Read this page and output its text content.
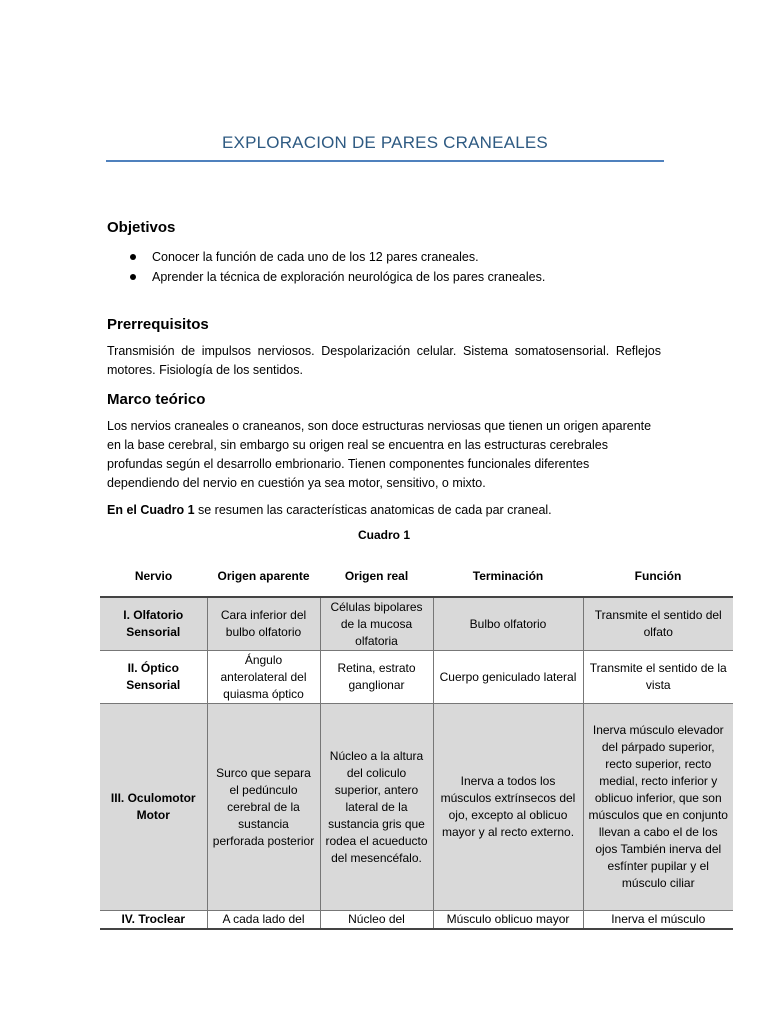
EXPLORACION DE PARES CRANEALES
Objetivos
Conocer la función de cada uno de los 12 pares craneales.
Aprender la técnica de exploración neurológica de los pares craneales.
Prerrequisitos

Transmisión de impulsos nerviosos. Despolarización celular. Sistema somatosensorial. Reflejos motores. Fisiología de los sentidos.

Marco teórico

Los nervios craneales o craneanos, son doce estructuras nerviosas que tienen un origen aparente en la base cerebral, sin embargo su origen real se encuentra en las estructuras cerebrales profundas según el desarrollo embrionario. Tienen componentes funcionales diferentes dependiendo del nervio en cuestión ya sea motor, sensitivo, o mixto.

En el Cuadro 1 se resumen las características anatomicas de cada par craneal.

Cuadro 1
Nervio	Origen aparente	Origen real	Terminación	Función
I. Olfatorio Sensorial	Cara inferior del bulbo olfatorio	Células bipolares de la mucosa olfatoria	Bulbo olfatorio	Transmite el sentido del olfato
II. Óptico Sensorial	Ángulo anterolateral del quiasma óptico	Retina, estrato ganglionar	Cuerpo geniculado lateral	Transmite el sentido de la vista
III. Oculomotor Motor	Surco que separa el pedúnculo cerebral de la sustancia perforada posterior	Núcleo a la altura del coliculo superior, antero lateral de la sustancia gris que rodea el acueducto del mesencéfalo.	Inerva a todos los músculos extrínsecos del ojo, excepto al oblicuo mayor y al recto externo.	Inerva músculo elevador del párpado superior, recto superior, recto medial, recto inferior y oblicuo inferior, que son músculos que en conjunto llevan a cabo el de los ojos También inerva del esfínter pupilar y el músculo ciliar
IV. Troclear	A cada lado del	Núcleo del	Músculo oblicuo mayor	Inerva el músculo
